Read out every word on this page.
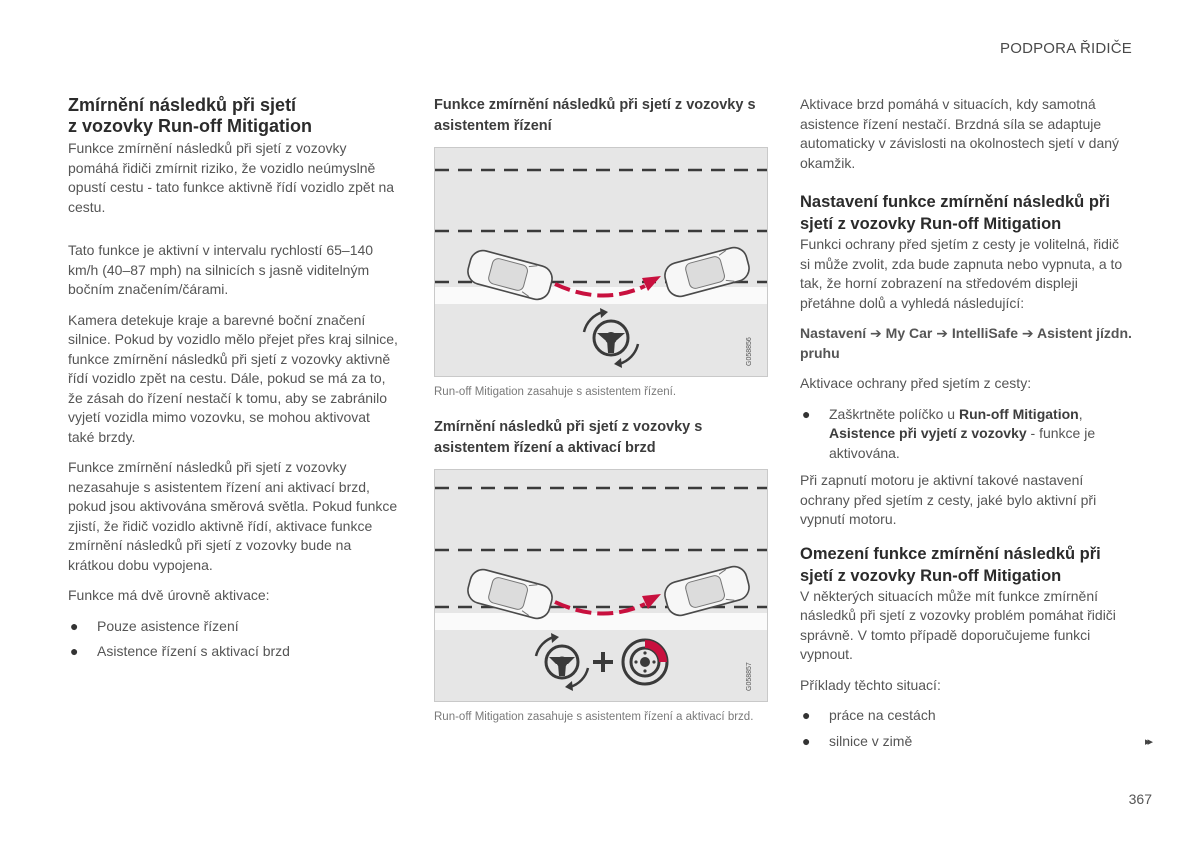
PODPORA ŘIDIČE
Zmírnění následků při sjetí
z vozovky Run-off Mitigation

Funkce zmírnění následků při sjetí z vozovky pomáhá řidiči zmírnit riziko, že vozidlo neúmyslně opustí cestu - tato funkce aktivně řídí vozidlo zpět na cestu.

Tato funkce je aktivní v intervalu rychlostí 65–140 km/h (40–87 mph) na silnicích s jasně viditelným bočním značením/čárami.

Kamera detekuje kraje a barevné boční značení silnice. Pokud by vozidlo mělo přejet přes kraj silnice, funkce zmírnění následků při sjetí z vozovky aktivně řídí vozidlo zpět na cestu. Dále, pokud se má za to, že zásah do řízení nestačí k tomu, aby se zabránilo vyjetí vozidla mimo vozovku, se mohou aktivovat také brzdy.

Funkce zmírnění následků při sjetí z vozovky nezasahuje s asistentem řízení ani aktivací brzd, pokud jsou aktivována směrová světla. Pokud funkce zjistí, že řidič vozidlo aktivně řídí, aktivace funkce zmírnění následků při sjetí z vozovky bude na krátkou dobu vypojena.

Funkce má dvě úrovně aktivace:

● Pouze asistence řízení
● Asistence řízení s aktivací brzd
Funkce zmírnění následků při sjetí z vozovky s asistentem řízení
G058856
Run-off Mitigation zasahuje s asistentem řízení.
Zmírnění následků při sjetí z vozovky s asistentem řízení a aktivací brzd
G058857
Run-off Mitigation zasahuje s asistentem řízení a aktivací brzd.

Aktivace brzd pomáhá v situacích, kdy samotná asistence řízení nestačí. Brzdná síla se adaptuje automaticky v závislosti na okolnostech sjetí v daný okamžik.

Nastavení funkce zmírnění následků při sjetí z vozovky Run-off Mitigation

Funkci ochrany před sjetím z cesty je volitelná, řidič si může zvolit, zda bude zapnuta nebo vypnuta, a to tak, že horní zobrazení na středovém displeji přetáhne dolů a vyhledá následující:

Nastavení ➔ My Car ➔ IntelliSafe ➔ Asistent jízdn. pruhu

Aktivace ochrany před sjetím z cesty:

● Zaškrtněte políčko u Run-off Mitigation, Asistence při vyjetí z vozovky - funkce je aktivována.

Při zapnutí motoru je aktivní takové nastavení ochrany před sjetím z cesty, jaké bylo aktivní při vypnutí motoru.

Omezení funkce zmírnění následků při sjetí z vozovky Run-off Mitigation

V některých situacích může mít funkce zmírnění následků při sjetí z vozovky problém pomáhat řidiči správně. V tomto případě doporučujeme funkci vypnout.

Příklady těchto situací:

● práce na cestách
● silnice v zimě	▸▸
367
